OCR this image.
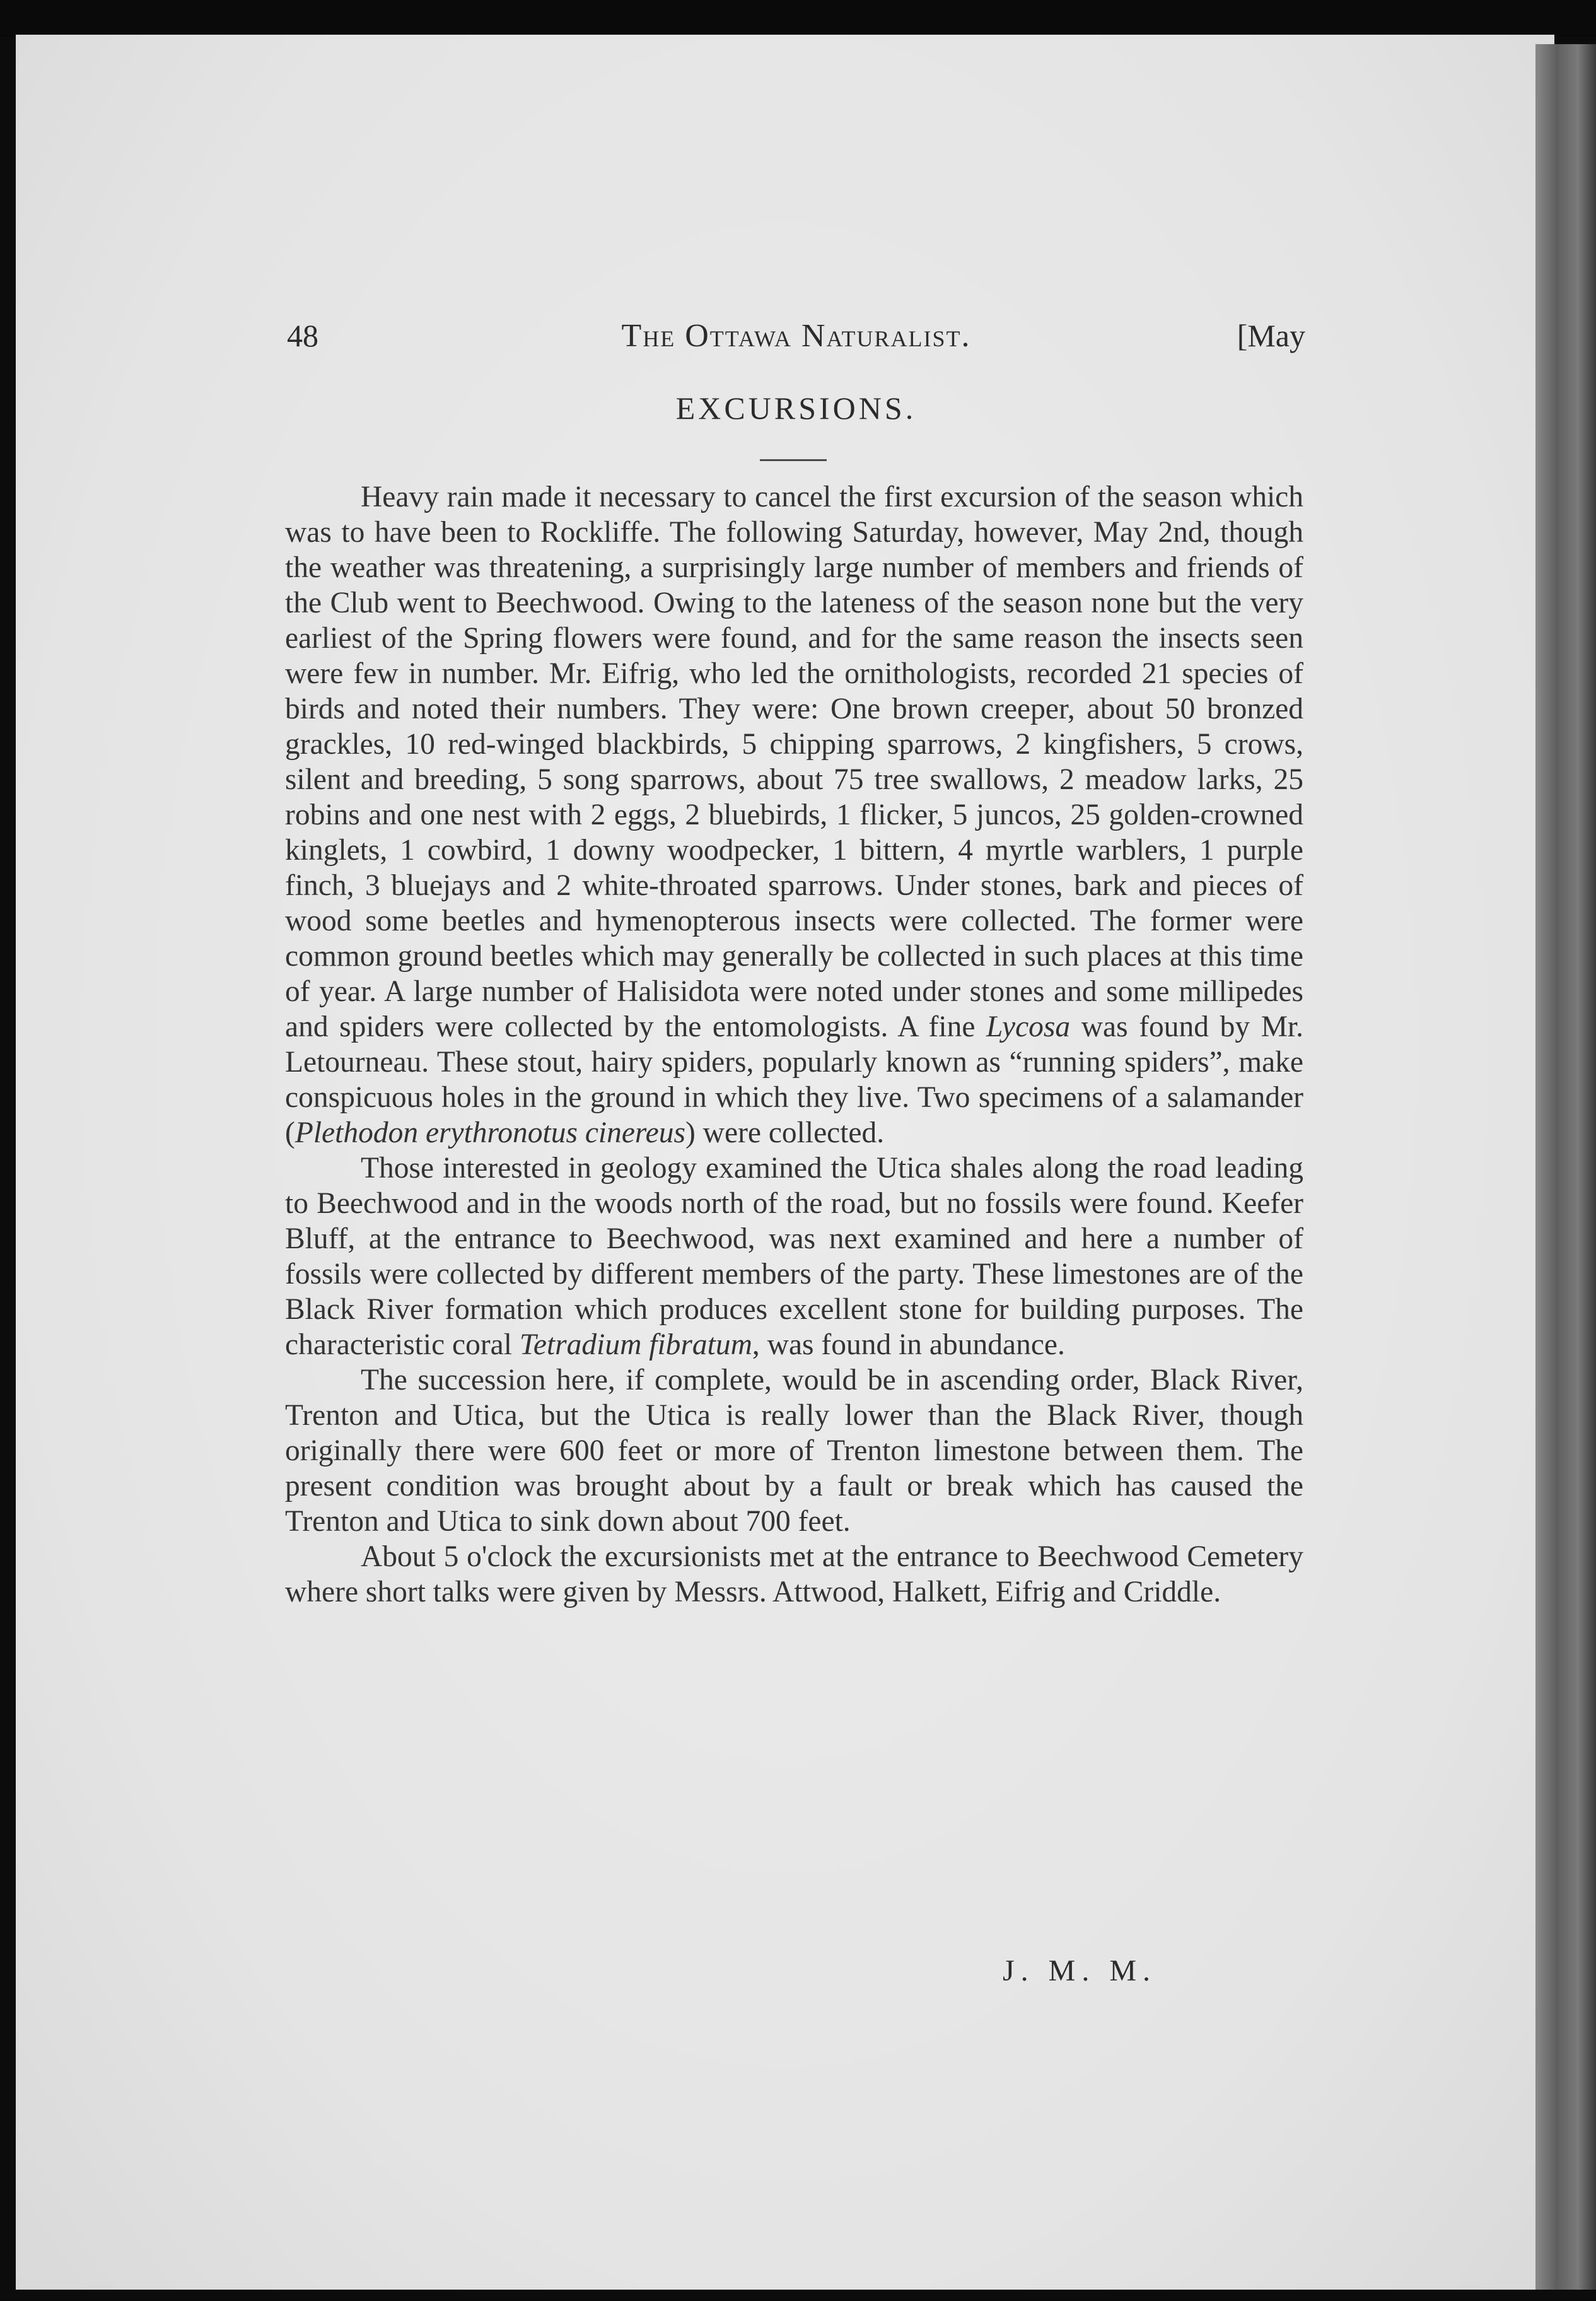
48	The Ottawa Naturalist.	[May
EXCURSIONS.

Heavy rain made it necessary to cancel the first excursion of the season which was to have been to Rockliffe. The following Saturday, however, May 2nd, though the weather was threatening, a surprisingly large number of members and friends of the Club went to Beechwood. Owing to the lateness of the season none but the very earliest of the Spring flowers were found, and for the same reason the insects seen were few in number. Mr. Eifrig, who led the ornithologists, recorded 21 species of birds and noted their numbers. They were: One brown creeper, about 50 bronzed grackles, 10 red-winged blackbirds, 5 chipping sparrows, 2 kingfishers, 5 crows, silent and breeding, 5 song sparrows, about 75 tree swallows, 2 meadow larks, 25 robins and one nest with 2 eggs, 2 bluebirds, 1 flicker, 5 juncos, 25 golden-crowned kinglets, 1 cowbird, 1 downy woodpecker, 1 bittern, 4 myrtle warblers, 1 purple finch, 3 bluejays and 2 white-throated sparrows. Under stones, bark and pieces of wood some beetles and hymenopterous insects were collected. The former were common ground beetles which may generally be collected in such places at this time of year. A large number of Halisidota were noted under stones and some millipedes and spiders were collected by the entomologists. A fine Lycosa was found by Mr. Letourneau. These stout, hairy spiders, popularly known as “running spiders”, make conspicuous holes in the ground in which they live. Two specimens of a salamander (Plethodon erythronotus cinereus) were collected.

Those interested in geology examined the Utica shales along the road leading to Beechwood and in the woods north of the road, but no fossils were found. Keefer Bluff, at the entrance to Beechwood, was next examined and here a number of fossils were collected by different members of the party. These limestones are of the Black River formation which produces excellent stone for building purposes. The characteristic coral Tetradium fibratum, was found in abundance.

The succession here, if complete, would be in ascending order, Black River, Trenton and Utica, but the Utica is really lower than the Black River, though originally there were 600 feet or more of Trenton limestone between them. The present condition was brought about by a fault or break which has caused the Trenton and Utica to sink down about 700 feet.

About 5 o'clock the excursionists met at the entrance to Beechwood Cemetery where short talks were given by Messrs. Attwood, Halkett, Eifrig and Criddle.

J. M. M.
